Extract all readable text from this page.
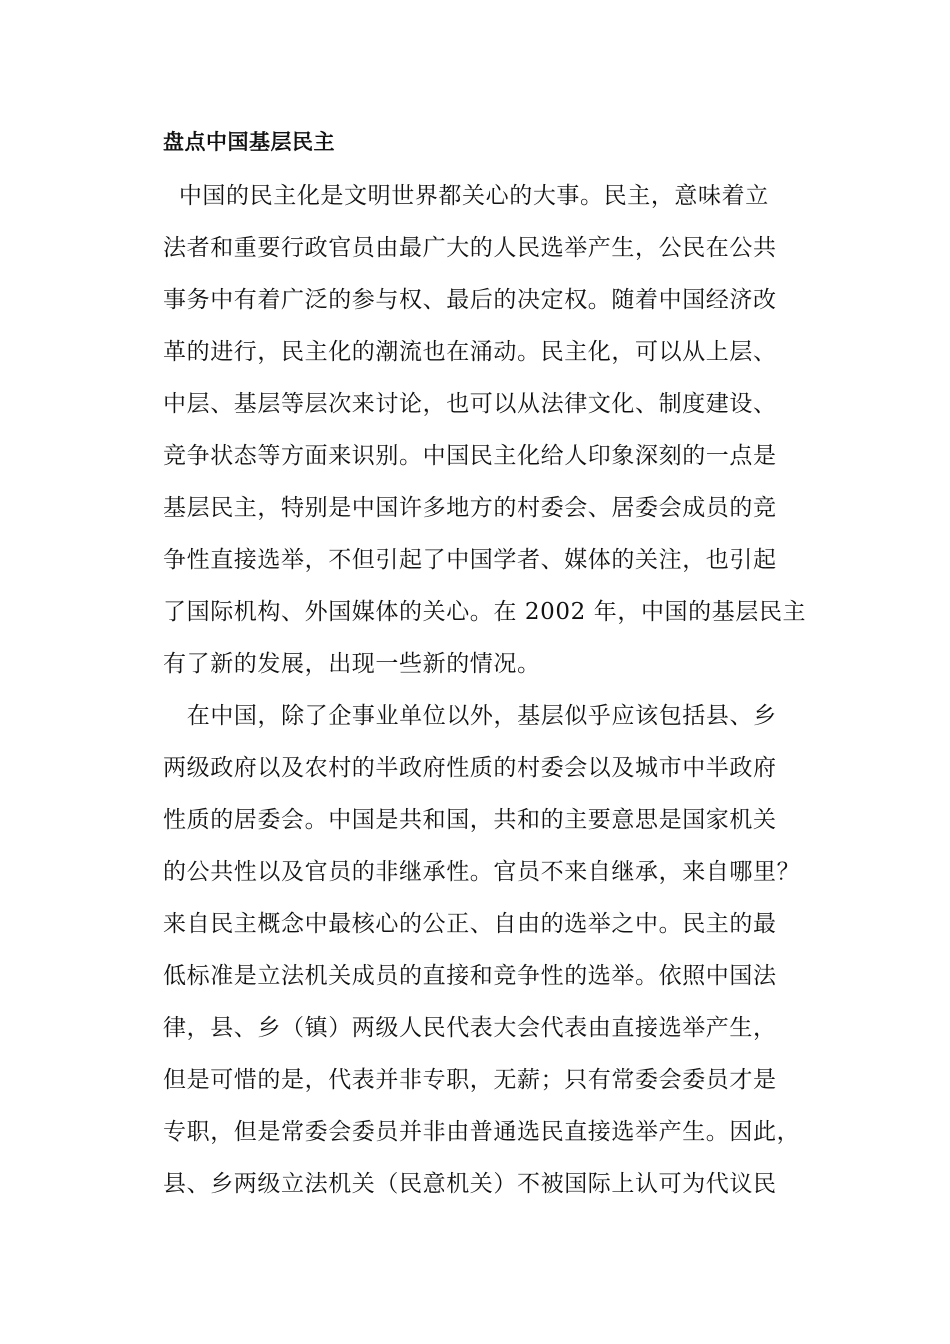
盘点中国基层民主
中国的民主化是文明世界都关心的大事。民主，意味着立
法者和重要行政官员由最广大的人民选举产生，公民在公共
事务中有着广泛的参与权、最后的决定权。随着中国经济改
革的进行，民主化的潮流也在涌动。民主化，可以从上层、
中层、基层等层次来讨论，也可以从法律文化、制度建设、
竞争状态等方面来识别。中国民主化给人印象深刻的一点是
基层民主，特别是中国许多地方的村委会、居委会成员的竞
争性直接选举，不但引起了中国学者、媒体的关注，也引起
了国际机构、外国媒体的关心。在 2002 年，中国的基层民主
有了新的发展，出现一些新的情况。
在中国，除了企事业单位以外，基层似乎应该包括县、乡
两级政府以及农村的半政府性质的村委会以及城市中半政府
性质的居委会。中国是共和国，共和的主要意思是国家机关
的公共性以及官员的非继承性。官员不来自继承，来自哪里？
来自民主概念中最核心的公正、自由的选举之中。民主的最
低标准是立法机关成员的直接和竞争性的选举。依照中国法
律，县、乡（镇）两级人民代表大会代表由直接选举产生，
但是可惜的是，代表并非专职，无薪；只有常委会委员才是
专职，但是常委会委员并非由普通选民直接选举产生。因此，
县、乡两级立法机关（民意机关）不被国际上认可为代议民
